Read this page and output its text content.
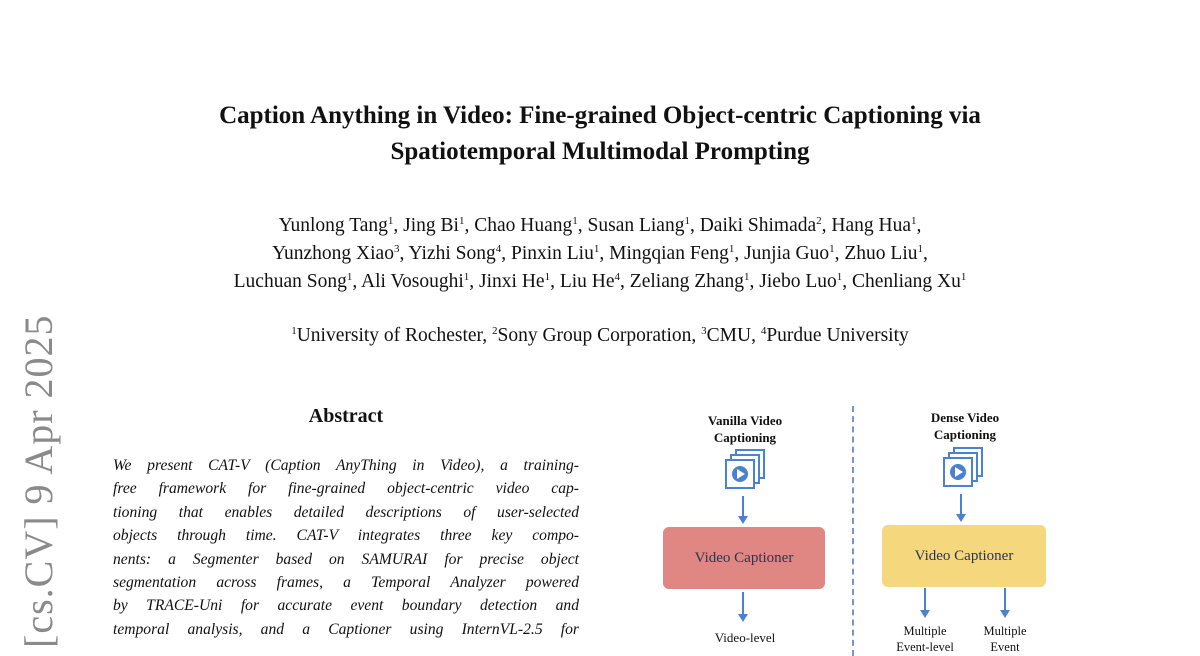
Caption Anything in Video: Fine-grained Object-centric Captioning via
Spatiotemporal Multimodal Prompting
Yunlong Tang$^1$, Jing Bi$^1$, Chao Huang$^1$, Susan Liang$^1$, Daiki Shimada$^2$, Hang Hua$^1$,
Yunzhong Xiao$^3$, Yizhi Song$^4$, Pinxin Liu$^1$, Mingqian Feng$^1$, Junjia Guo$^1$, Zhuo Liu$^1$,
Luchuan Song$^1$, Ali Vosoughi$^1$, Jinxi He$^1$, Liu He$^4$, Zeliang Zhang$^1$, Jiebo Luo$^1$, Chenliang Xu$^1$
$^1$University of Rochester, $^2$Sony Group Corporation, $^3$CMU, $^4$Purdue University
[cs.CV] 9 Apr 2025	Abstract
We present CAT-V (Caption AnyThing in Video), a training-
free framework for fine-grained object-centric video cap-
tioning that enables detailed descriptions of user-selected
objects through time. CAT-V integrates three key compo-
nents: a Segmenter based on SAMURAI for precise object
segmentation across frames, a Temporal Analyzer powered
by TRACE-Uni for accurate event boundary detection and
temporal analysis, and a Captioner using InternVL-2.5 for
Vanilla Video
Captioning
Video Captioner
Video-level
Dense Video
Captioning
Video Captioner
Multiple
Event-level
Multiple
Event
